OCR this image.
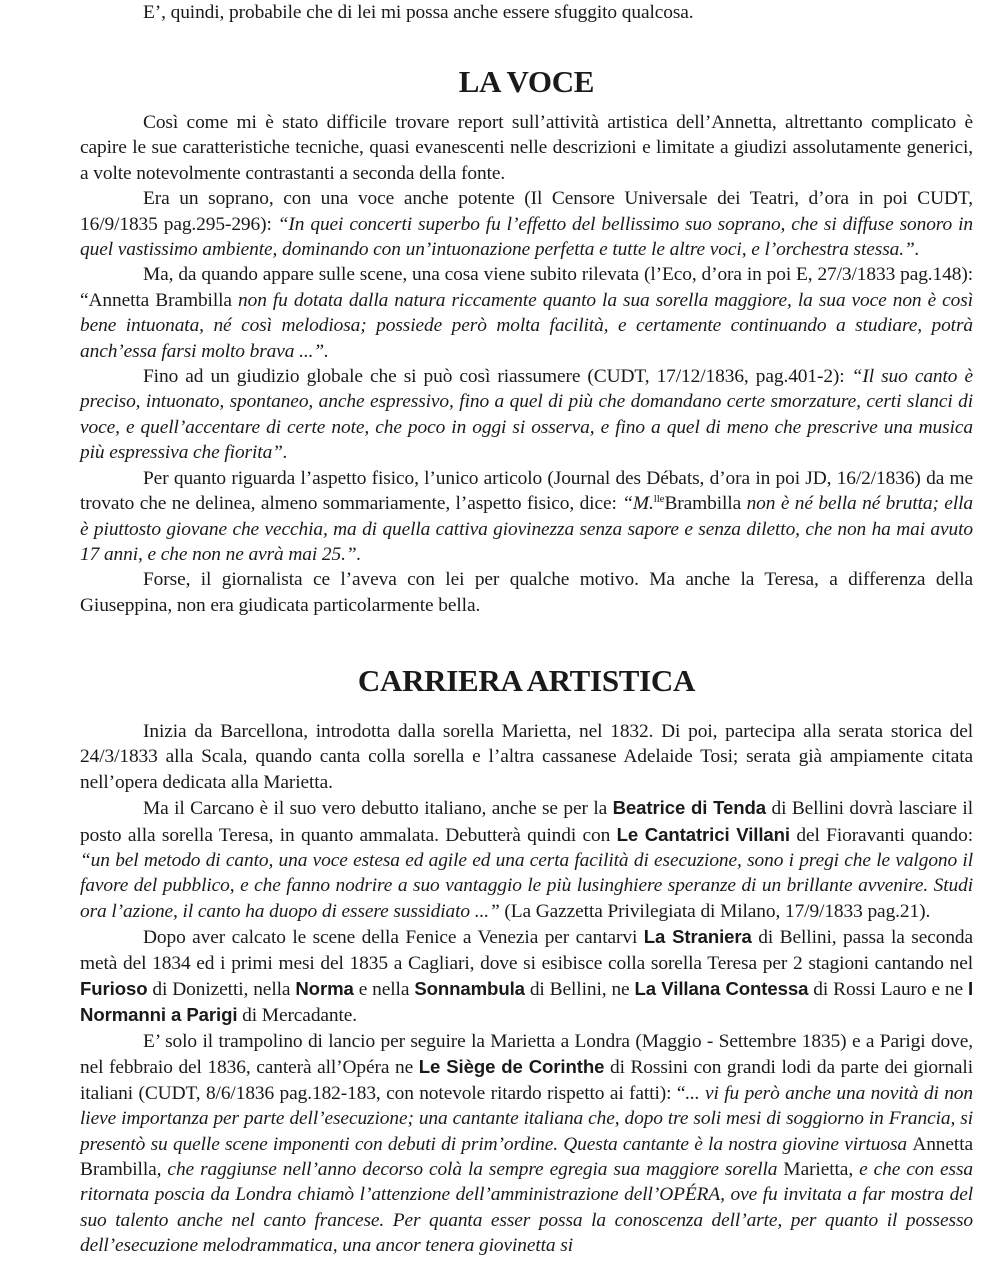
E’, quindi, probabile che di lei mi possa anche essere sfuggito qualcosa.

LA VOCE

Così come mi è stato difficile trovare report sull’attività artistica dell’Annetta, altrettanto complicato è capire le sue caratteristiche tecniche, quasi evanescenti nelle descrizioni e limitate a giudizi assolutamente generici, a volte notevolmente contrastanti a seconda della fonte.

Era un soprano, con una voce anche potente (Il Censore Universale dei Teatri, d’ora in poi CUDT, 16/9/1835 pag.295-296): “In quei concerti superbo fu l’effetto del bellissimo suo soprano, che si diffuse sonoro in quel vastissimo ambiente, dominando con un’intuonazione perfetta e tutte le altre voci, e l’orchestra stessa.”.

Ma, da quando appare sulle scene, una cosa viene subito rilevata (l’Eco, d’ora in poi E, 27/3/1833 pag.148): “Annetta Brambilla non fu dotata dalla natura riccamente quanto la sua sorella maggiore, la sua voce non è così bene intuonata, né così melodiosa; possiede però molta facilità, e certamente continuando a studiare, potrà anch’essa farsi molto brava ...”.

Fino ad un giudizio globale che si può così riassumere (CUDT, 17/12/1836, pag.401-2): “Il suo canto è preciso, intuonato, spontaneo, anche espressivo, fino a quel di più che domandano certe smorzature, certi slanci di voce, e quell’accentare di certe note, che poco in oggi si osserva, e fino a quel di meno che prescrive una musica più espressiva che fiorita”.

Per quanto riguarda l’aspetto fisico, l’unico articolo (Journal des Débats, d’ora in poi JD, 16/2/1836) da me trovato che ne delinea, almeno sommariamente, l’aspetto fisico, dice: “M.$^{lle}$Brambilla non è né bella né brutta; ella è piuttosto giovane che vecchia, ma di quella cattiva giovinezza senza sapore e senza diletto, che non ha mai avuto 17 anni, e che non ne avrà mai 25.”.

Forse, il giornalista ce l’aveva con lei per qualche motivo. Ma anche la Teresa, a differenza della Giuseppina, non era giudicata particolarmente bella.

CARRIERA ARTISTICA

Inizia da Barcellona, introdotta dalla sorella Marietta, nel 1832. Di poi, partecipa alla serata storica del 24/3/1833 alla Scala, quando canta colla sorella e l’altra cassanese Adelaide Tosi; serata già ampiamente citata nell’opera dedicata alla Marietta.

Ma il Carcano è il suo vero debutto italiano, anche se per la Beatrice di Tenda di Bellini dovrà lasciare il posto alla sorella Teresa, in quanto ammalata. Debutterà quindi con Le Cantatrici Villani del Fioravanti quando: “un bel metodo di canto, una voce estesa ed agile ed una certa facilità di esecuzione, sono i pregi che le valgono il favore del pubblico, e che fanno nodrire a suo vantaggio le più lusinghiere speranze di un brillante avvenire. Studi ora l’azione, il canto ha duopo di essere sussidiato ...” (La Gazzetta Privilegiata di Milano, 17/9/1833 pag.21).

Dopo aver calcato le scene della Fenice a Venezia per cantarvi La Straniera di Bellini, passa la seconda metà del 1834 ed i primi mesi del 1835 a Cagliari, dove si esibisce colla sorella Teresa per 2 stagioni cantando nel Furioso di Donizetti, nella Norma e nella Sonnambula di Bellini, ne La Villana Contessa di Rossi Lauro e ne I Normanni a Parigi di Mercadante.

E’ solo il trampolino di lancio per seguire la Marietta a Londra (Maggio - Settembre 1835) e a Parigi dove, nel febbraio del 1836, canterà all’Opéra ne Le Siège de Corinthe di Rossini con grandi lodi da parte dei giornali italiani (CUDT, 8/6/1836 pag.182-183, con notevole ritardo rispetto ai fatti): “... vi fu però anche una novità di non lieve importanza per parte dell’esecuzione; una cantante italiana che, dopo tre soli mesi di soggiorno in Francia, si presentò su quelle scene imponenti con debuti di prim’ordine. Questa cantante è la nostra giovine virtuosa Annetta Brambilla, che raggiunse nell’anno decorso colà la sempre egregia sua maggiore sorella Marietta, e che con essa ritornata poscia da Londra chiamò l’attenzione dell’amministrazione dell’OPÉRA, ove fu invitata a far mostra del suo talento anche nel canto francese. Per quanta esser possa la conoscenza dell’arte, per quanto il possesso dell’esecuzione melodrammatica, una ancor tenera giovinetta si
